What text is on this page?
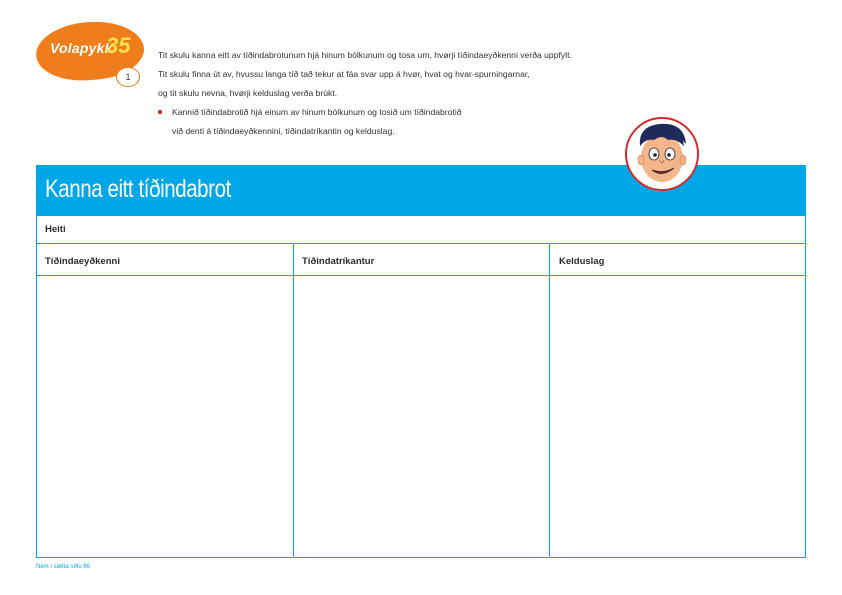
Volapykk
35
1

Tit skulu kanna eitt av tíðindabrotunum hjá hinum bólkunum og tosa um, hvørji tíðindaeyðkenni verða uppfylt.

Tit skulu finna út av, hvussu langa tíð tað tekur at fáa svar upp á hvør, hvat og hvar-spurningarnar,

og tit skulu nevna, hvørji kelduslag verða brúkt.

Kannið tíðindabrotið hjá einum av hinum bólkunum og tosið um tíðindabrotið

við denti á tíðindaeyðkennini, tíðindatríkantin og kelduslag.

Kanna eitt tíðindabrot
Heiti
Tíðindaeyðkenni	Tíðindatríkantur	Kelduslag
Nem í sætta síðu 86
